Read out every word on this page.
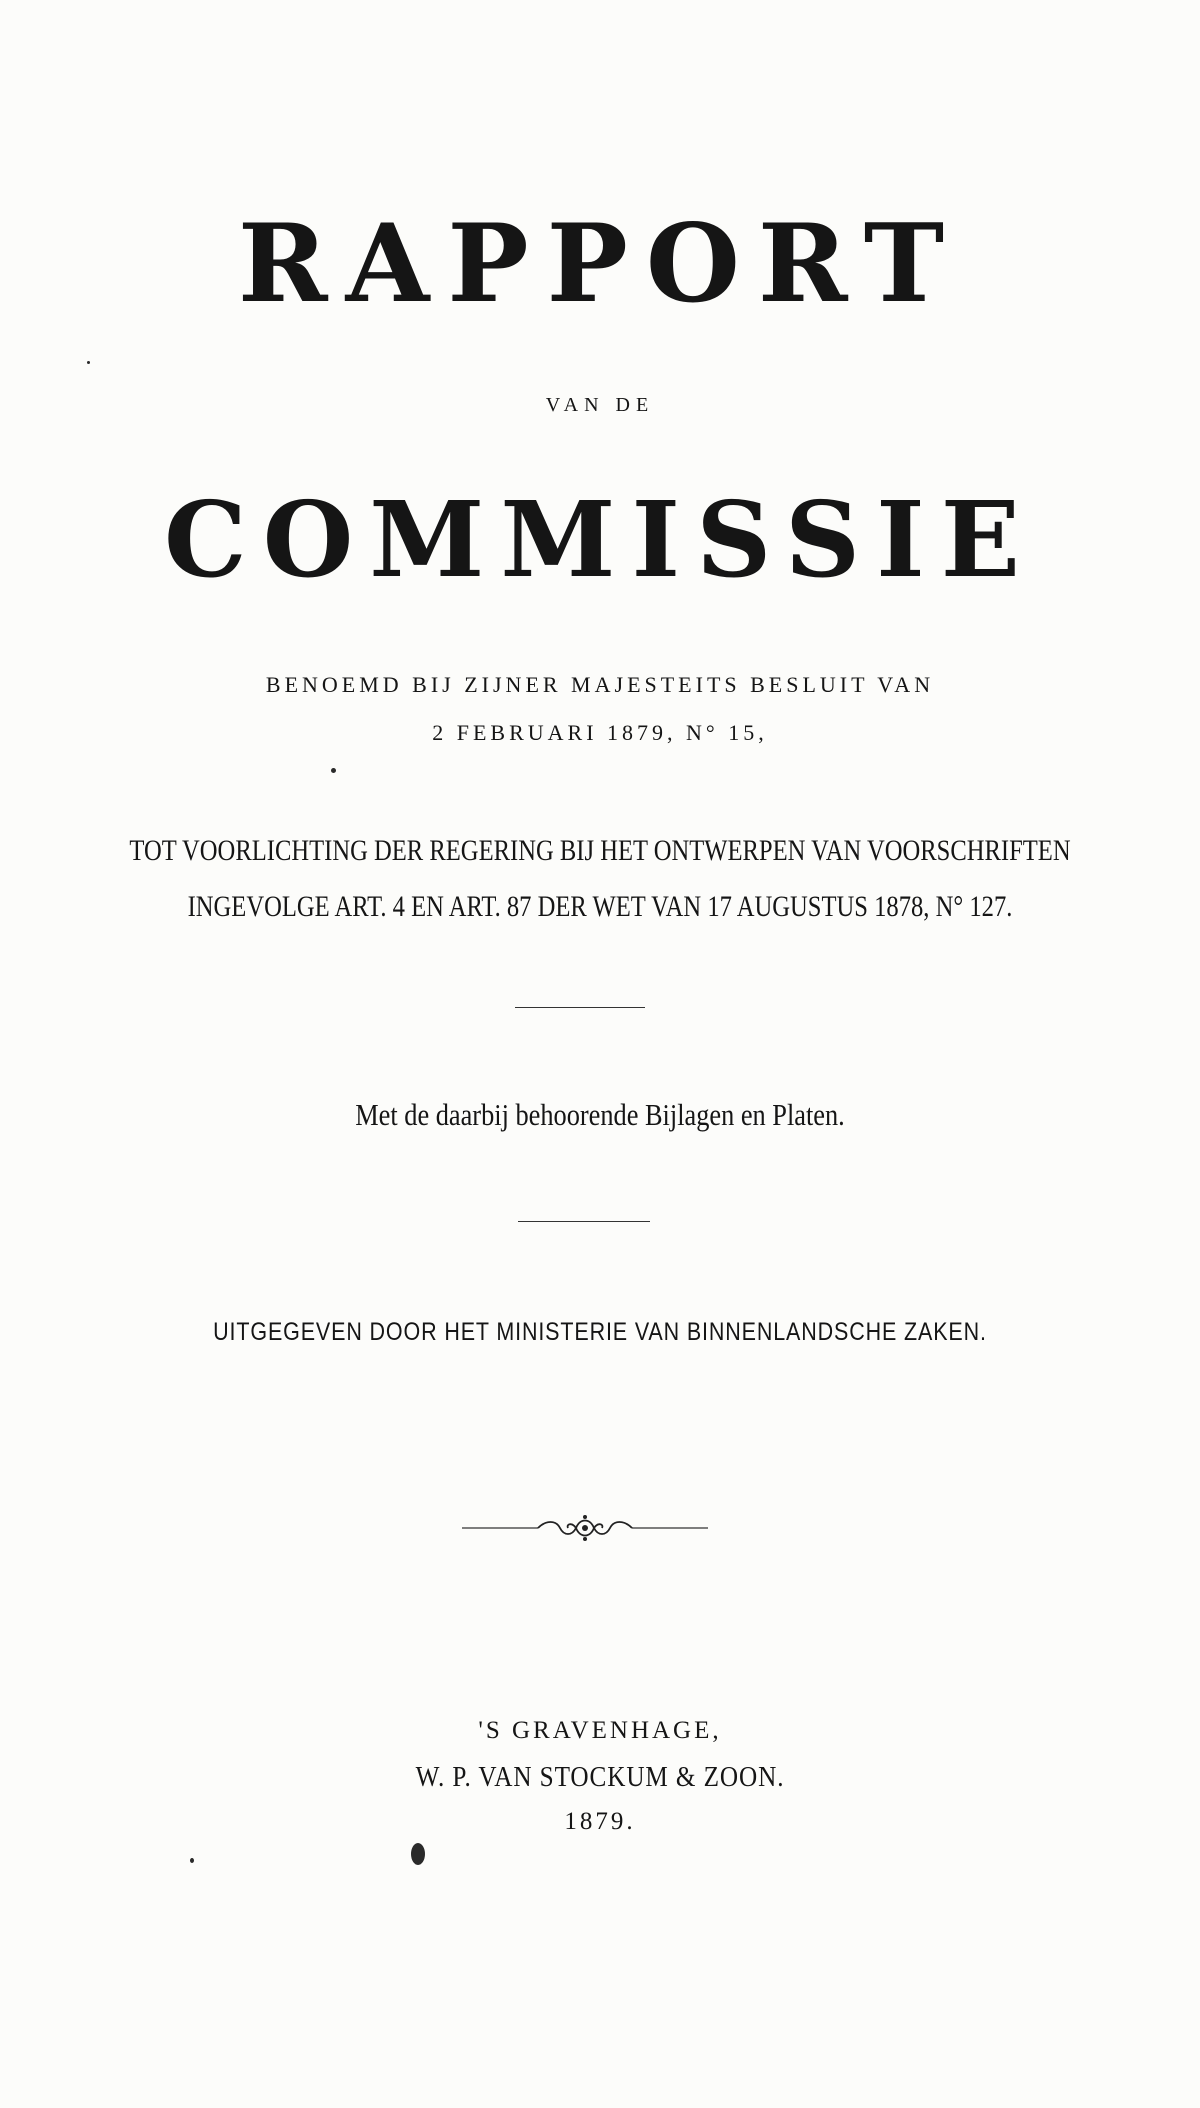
RAPPORT
VAN DE
COMMISSIE
BENOEMD BIJ ZIJNER MAJESTEITS BESLUIT VAN
2 FEBRUARI 1879, N° 15,
TOT VOORLICHTING DER REGERING BIJ HET ONTWERPEN VAN VOORSCHRIFTEN
INGEVOLGE ART. 4 EN ART. 87 DER WET VAN 17 AUGUSTUS 1878, N° 127.
Met de daarbij behoorende Bijlagen en Platen.
UITGEGEVEN DOOR HET MINISTERIE VAN BINNENLANDSCHE ZAKEN.
'S GRAVENHAGE,
W. P. VAN STOCKUM & ZOON.
1879.
